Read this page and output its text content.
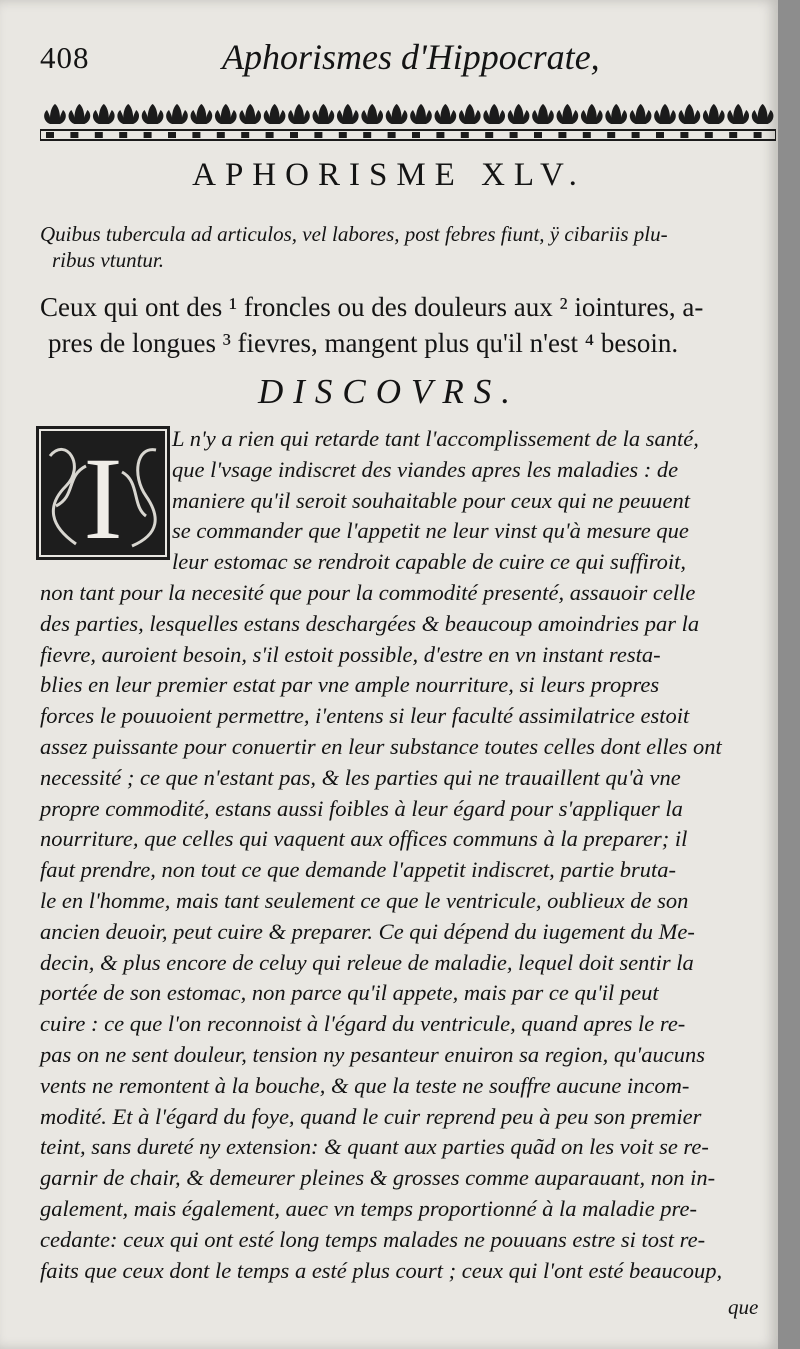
408	Aphorismes d'Hippocrate,
APHORISME XLV.
Quibus tubercula ad articulos, vel labores, post febres fiunt, ÿ cibariis plu-
ribus vtuntur.
Ceux qui ont des ¹ froncles ou des douleurs aux ² iointures, a-
pres de longues ³ fievres, mangent plus qu'il n'est ⁴ besoin.
DISCOVRS.
I L n'y a rien qui retarde tant l'accomplissement de la santé,
que l'vsage indiscret des viandes apres les maladies : de
maniere qu'il seroit souhaitable pour ceux qui ne peuuent
se commander que l'appetit ne leur vinst qu'à mesure que
leur estomac se rendroit capable de cuire ce qui suffiroit,
non tant pour la necesité que pour la commodité presenté, assauoir celle
des parties, lesquelles estans deschargées & beaucoup amoindries par la
fievre, auroient besoin, s'il estoit possible, d'estre en vn instant resta-
blies en leur premier estat par vne ample nourriture, si leurs propres
forces le pouuoient permettre, i'entens si leur faculté assimilatrice estoit
assez puissante pour conuertir en leur substance toutes celles dont elles ont
necessité ; ce que n'estant pas, & les parties qui ne trauaillent qu'à vne
propre commodité, estans aussi foibles à leur égard pour s'appliquer la
nourriture, que celles qui vaquent aux offices communs à la preparer; il
faut prendre, non tout ce que demande l'appetit indiscret, partie bruta-
le en l'homme, mais tant seulement ce que le ventricule, oublieux de son
ancien deuoir, peut cuire & preparer. Ce qui dépend du iugement du Me-
decin, & plus encore de celuy qui releue de maladie, lequel doit sentir la
portée de son estomac, non parce qu'il appete, mais par ce qu'il peut
cuire : ce que l'on reconnoist à l'égard du ventricule, quand apres le re-
pas on ne sent douleur, tension ny pesanteur enuiron sa region, qu'aucuns
vents ne remontent à la bouche, & que la teste ne souffre aucune incom-
modité. Et à l'égard du foye, quand le cuir reprend peu à peu son premier
teint, sans dureté ny extension: & quant aux parties quãd on les voit se re-
garnir de chair, & demeurer pleines & grosses comme auparauant, non in-
galement, mais également, auec vn temps proportionné à la maladie pre-
cedante: ceux qui ont esté long temps malades ne pouuans estre si tost re-
faits que ceux dont le temps a esté plus court ; ceux qui l'ont esté beaucoup,
que
